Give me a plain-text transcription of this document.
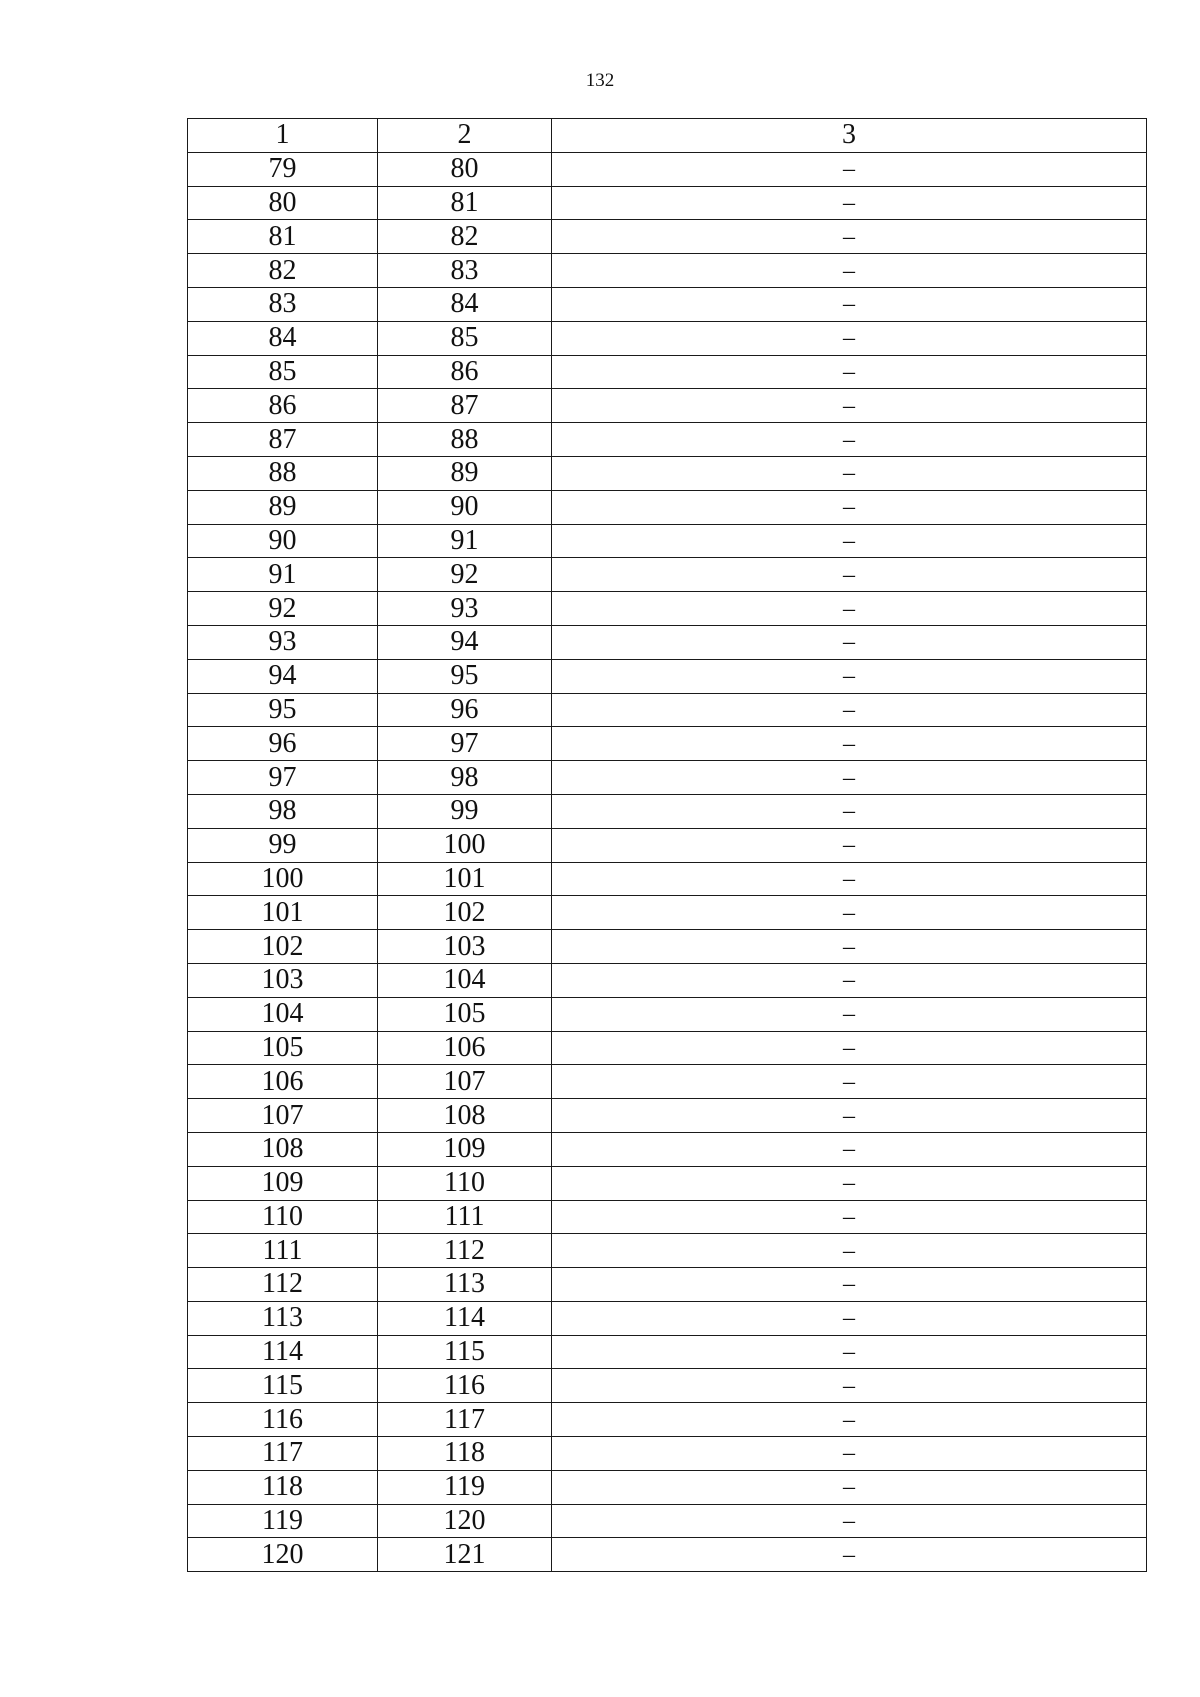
132
1	2	3
79	80	–
80	81	–
81	82	–
82	83	–
83	84	–
84	85	–
85	86	–
86	87	–
87	88	–
88	89	–
89	90	–
90	91	–
91	92	–
92	93	–
93	94	–
94	95	–
95	96	–
96	97	–
97	98	–
98	99	–
99	100	–
100	101	–
101	102	–
102	103	–
103	104	–
104	105	–
105	106	–
106	107	–
107	108	–
108	109	–
109	110	–
110	111	–
111	112	–
112	113	–
113	114	–
114	115	–
115	116	–
116	117	–
117	118	–
118	119	–
119	120	–
120	121	–
